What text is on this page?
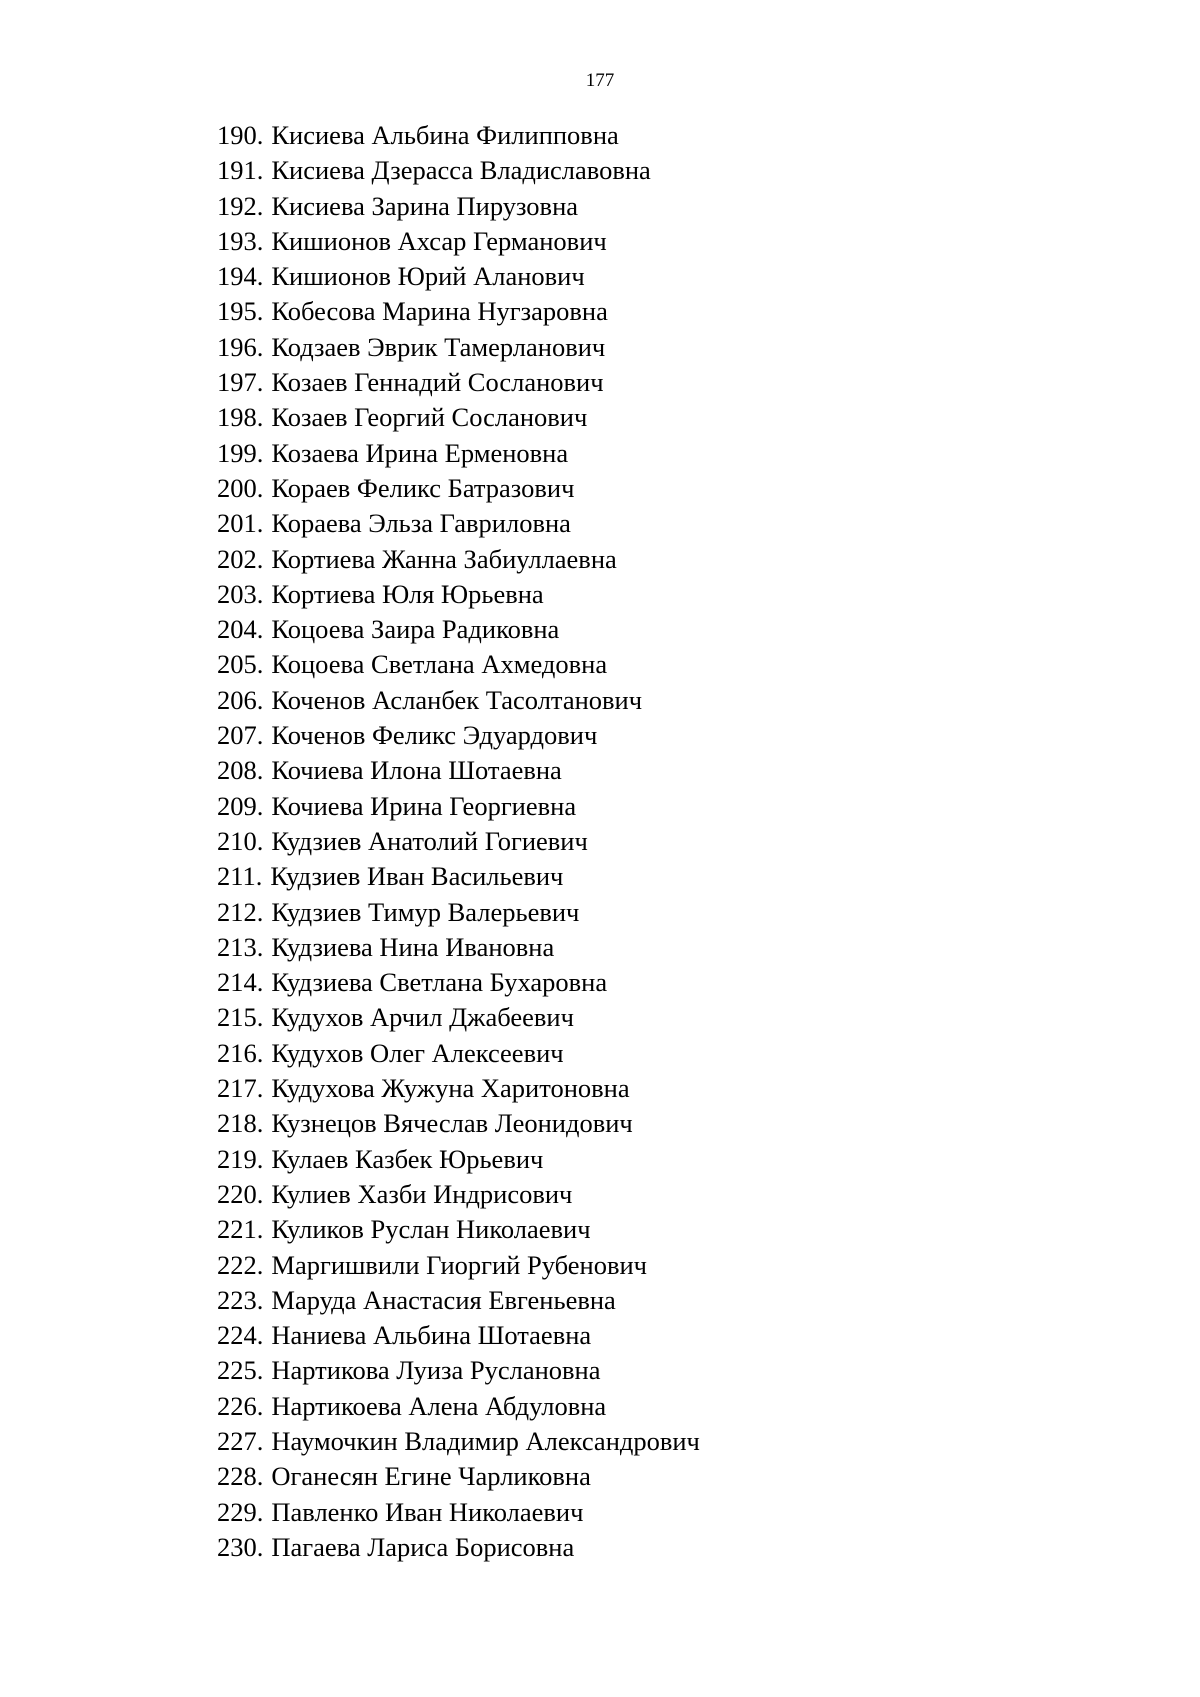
177
190. Кисиева Альбина Филипповна
191. Кисиева Дзерасса Владиславовна
192. Кисиева Зарина Пирузовна
193. Кишионов Ахсар Германович
194. Кишионов Юрий Аланович
195. Кобесова Марина Нугзаровна
196. Кодзаев Эврик Тамерланович
197. Козаев Геннадий Сосланович
198. Козаев Георгий Сосланович
199. Козаева Ирина Ерменовна
200. Кораев Феликс Батразович
201. Кораева Эльза Гавриловна
202. Кортиева Жанна Забиуллаевна
203. Кортиева Юля Юрьевна
204. Коцоева Заира Радиковна
205. Коцоева Светлана Ахмедовна
206. Коченов Асланбек Тасолтанович
207. Коченов Феликс Эдуардович
208. Кочиева Илона Шотаевна
209. Кочиева Ирина Георгиевна
210. Кудзиев Анатолий Гогиевич
211. Кудзиев Иван Васильевич
212. Кудзиев Тимур Валерьевич
213. Кудзиева Нина Ивановна
214. Кудзиева Светлана Бухаровна
215. Кудухов Арчил Джабеевич
216. Кудухов Олег Алексеевич
217. Кудухова Жужуна Харитоновна
218. Кузнецов Вячеслав Леонидович
219. Кулаев Казбек Юрьевич
220. Кулиев Хазби Индрисович
221. Куликов Руслан Николаевич
222. Маргишвили Гиоргий Рубенович
223. Маруда Анастасия Евгеньевна
224. Наниева Альбина Шотаевна
225. Нартикова Луиза Руслановна
226. Нартикоева Алена Абдуловна
227. Наумочкин Владимир Александрович
228. Оганесян Егине Чарликовна
229. Павленко Иван Николаевич
230. Пагаева Лариса Борисовна
